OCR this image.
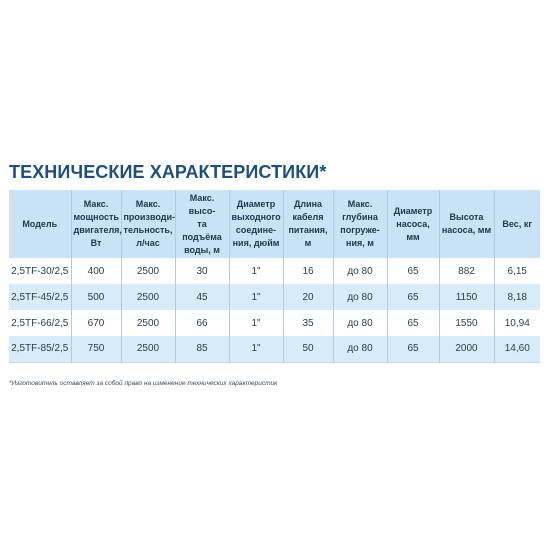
ТЕХНИЧЕСКИЕ ХАРАКТЕРИСТИКИ*
Модель	Макс.
мощность
двигателя,
Вт	Макс.
производи-
тельность,
л/час	Макс. высо-
та подъёма
воды, м	Диаметр
выходного
соедине-
ния, дюйм	Длина
кабеля
питания,
м	Макс.
глубина
погруже-
ния, м	Диаметр
насоса, мм	Высота
насоса, мм	Вес, кг
2,5TF-30/2,5	400	2500	30	1"	16	до 80	65	882	6,15
2,5TF-45/2,5	500	2500	45	1"	20	до 80	65	1150	8,18
2,5TF-66/2,5	670	2500	66	1"	35	до 80	65	1550	10,94
2,5TF-85/2,5	750	2500	85	1"	50	до 80	65	2000	14,60
*Изготовитель оставляет за собой право на изменение технических характеристик
